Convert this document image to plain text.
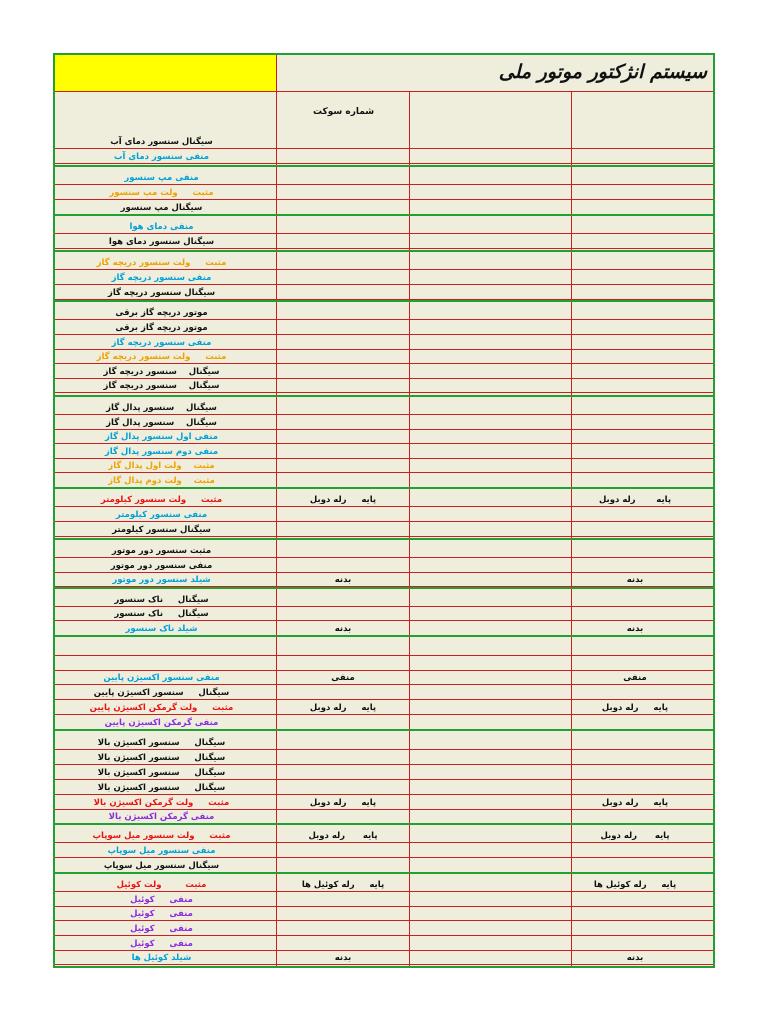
سیستم انژکتور موتور ملی
شماره سوکت
سیگنال سنسور دمای آب
منفی سنسور دمای آب
منفی مپ سنسور
مثبت     ولت مپ سنسور
سیگنال مپ سنسور
منفی دمای هوا
سیگنال سنسور دمای هوا
مثبت     ولت سنسور دریچه گاز
منفی سنسور دریچه گاز
سیگنال سنسور دریچه گاز
موتور دریچه گاز برقی
موتور دریچه گاز برقی
منفی سنسور دریچه گاز
مثبت     ولت سنسور دریچه گاز
سیگنال    سنسور دریچه گاز
سیگنال    سنسور دریچه گاز
سیگنال    سنسور پدال گاز
سیگنال    سنسور پدال گاز
منفی اول سنسور پدال گاز
منفی دوم سنسور پدال گاز
مثبت    ولت اول پدال گاز
مثبت    ولت دوم پدال گاز
مثبت     ولت سنسور کیلومتر	پایه     رله دوبل	پایه       رله دوبل
منفی سنسور کیلومتر
سیگنال سنسور کیلومتر
مثبت سنسور دور موتور
منفی سنسور دور موتور
شیلد سنسور دور موتور	بدنه	بدنه
سیگنال     ناک سنسور
سیگنال     ناک سنسور
شیلد ناک سنسور	بدنه	بدنه
منفی سنسور اکسیژن پایین	منفی	منفی
سیگنال     سنسور اکسیژن پایین
مثبت     ولت گرمکن اکسیژن پایین	پایه     رله دوبل	پایه     رله دوبل
منفی گرمکن اکسیژن پایین
سیگنال     سنسور اکسیژن بالا
سیگنال     سنسور اکسیژن بالا
سیگنال     سنسور اکسیژن بالا
سیگنال     سنسور اکسیژن بالا
مثبت     ولت گرمکن اکسیژن بالا	پایه     رله دوبل	پایه     رله دوبل
منفی گرمکن اکسیژن بالا
مثبت     ولت سنسور میل سوپاپ	پایه      رله دوبل	پایه      رله دوبل
منفی سنسور میل سوپاپ
سیگنال سنسور میل سوپاپ
مثبت        ولت کوئیل	پایه     رله کوئیل ها	پایه     رله کوئیل ها
منفی     کوئیل
منفی     کوئیل
منفی     کوئیل
منفی     کوئیل
شیلد کوئیل ها	بدنه	بدنه
